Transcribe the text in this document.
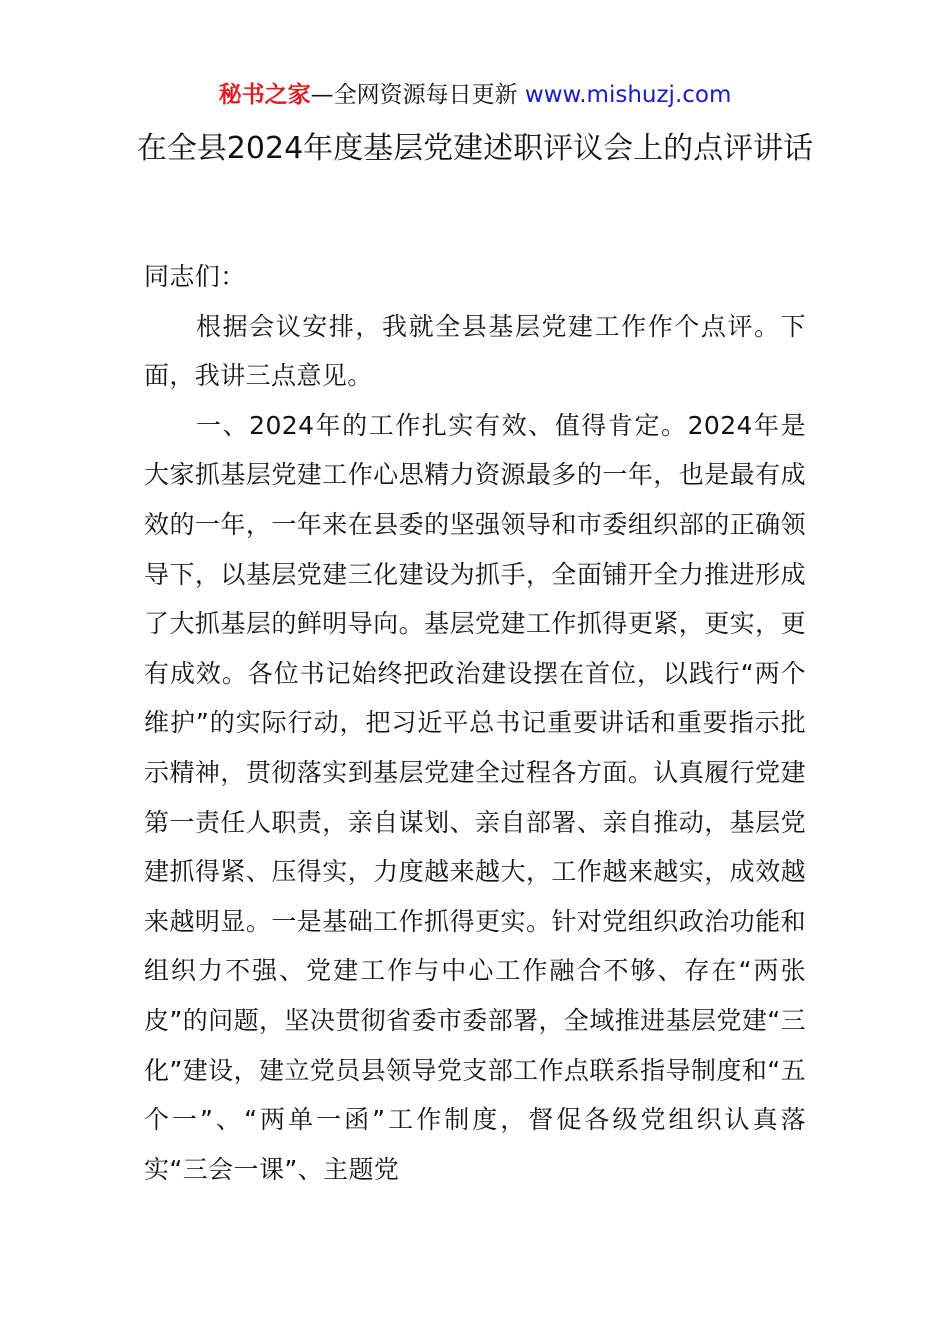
秘书之家—全网资源每日更新 www.mishuzj.com
在全县2024年度基层党建述职评议会上的点评讲话

同志们：

根据会议安排，我就全县基层党建工作作个点评。下面，我讲三点意见。

一、2024年的工作扎实有效、值得肯定。2024年是大家抓基层党建工作心思精力资源最多的一年，也是最有成效的一年，一年来在县委的坚强领导和市委组织部的正确领导下，以基层党建三化建设为抓手，全面铺开全力推进形成了大抓基层的鲜明导向。基层党建工作抓得更紧，更实，更有成效。各位书记始终把政治建设摆在首位，以践行“两个维护”的实际行动，把习近平总书记重要讲话和重要指示批示精神，贯彻落实到基层党建全过程各方面。认真履行党建第一责任人职责，亲自谋划、亲自部署、亲自推动，基层党建抓得紧、压得实，力度越来越大，工作越来越实，成效越来越明显。一是基础工作抓得更实。针对党组织政治功能和组织力不强、党建工作与中心工作融合不够、存在“两张皮”的问题，坚决贯彻省委市委部署，全域推进基层党建“三化”建设，建立党员县领导党支部工作点联系指导制度和“五个一”、“两单一函”工作制度，督促各级党组织认真落实“三会一课”、主题党
